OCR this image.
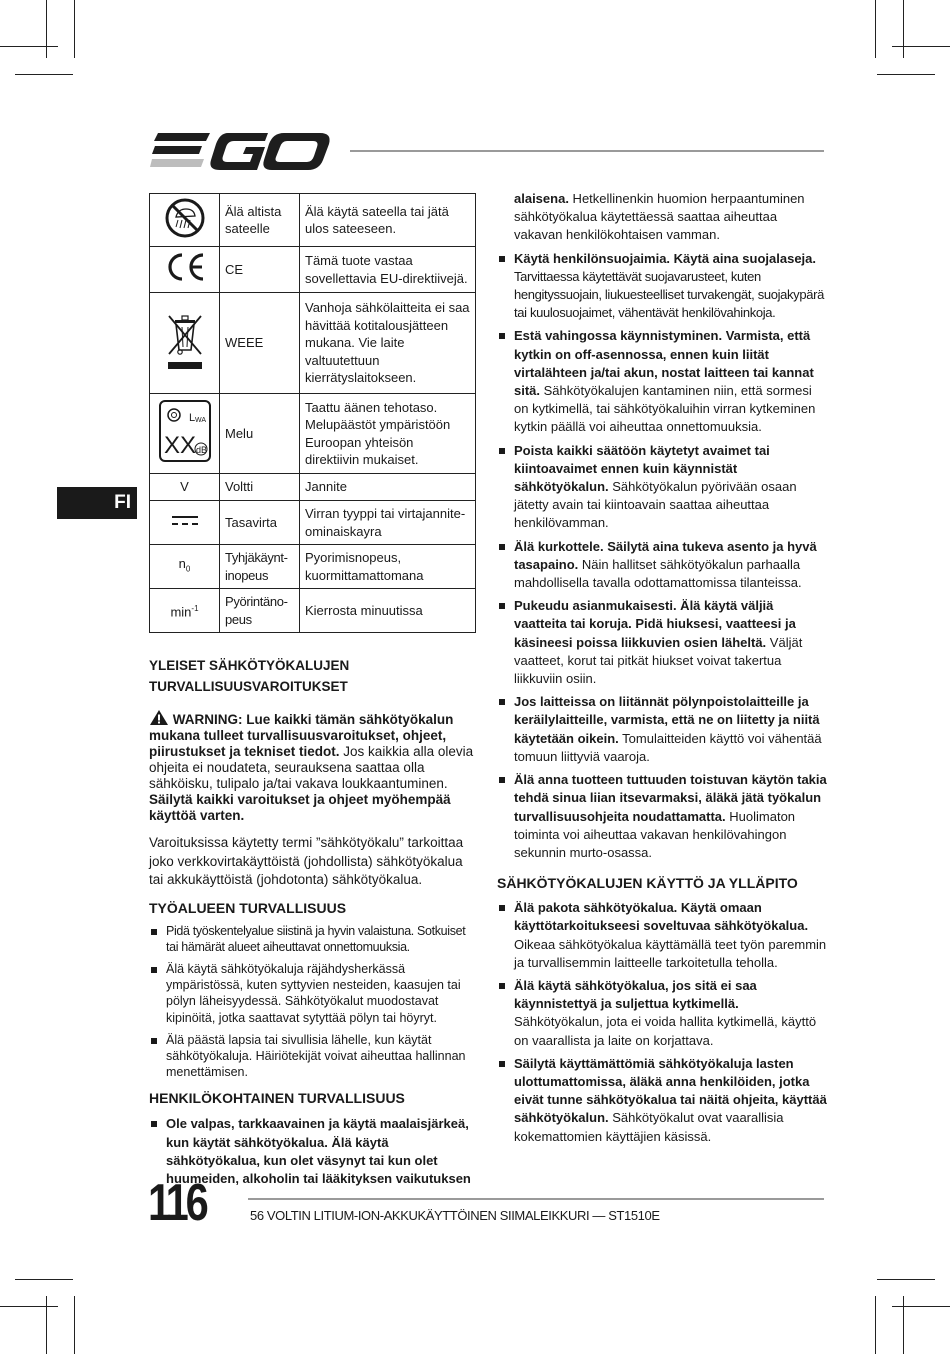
FI
	Älä altista sateelle	Älä käytä sateella tai jätä ulos sateeseen.
	CE	Tämä tuote vastaa sovellettavia EU-direktiivejä.
	WEEE	Vanhoja sähkölaitteita ei saa hävittää kotitalousjätteen mukana. Vie laite valtuutettuun kierrätyslaitokseen.

L WA
XX dB	Melu	Taattu äänen tehotaso. Melupäästöt ympäristöön Euroopan yhteisön direktiivin mukaiset.
V	Voltti	Jannite
	Tasavirta	Virran tyyppi tai virtajannite-ominaiskayra
$n_0$	Tyhjäkäynt-inopeus	Pyorimisnopeus, kuormittamattomana
$\min^{-1}$	Pyörintäno-peus	Kierrosta minuutissa

YLEISET SÄHKÖTYÖKALUJEN TURVALLISUUSVAROITUKSET

WARNING: Lue kaikki tämän sähkötyökalun mukana tulleet turvallisuusvaroitukset, ohjeet, piirustukset ja tekniset tiedot. Jos kaikkia alla olevia ohjeita ei noudateta, seurauksena saattaa olla sähköisku, tulipalo ja/tai vakava loukkaantuminen. Säilytä kaikki varoitukset ja ohjeet myöhempää käyttöä varten.

Varoituksissa käytetty termi ”sähkötyökalu” tarkoittaa joko verkkovirtakäyttöistä (johdollista) sähkötyökalua tai akkukäyttöistä (johdotonta) sähkötyökalua.

TYÖALUEEN TURVALLISUUS

Pidä työskentelyalue siistinä ja hyvin valaistuna. Sotkuiset tai hämärät alueet aiheuttavat onnettomuuksia.
Älä käytä sähkötyökaluja räjähdysherkässä ympäristössä, kuten syttyvien nesteiden, kaasujen tai pölyn läheisyydessä. Sähkötyökalut muodostavat kipinöitä, jotka saattavat sytyttää pölyn tai höyryt.
Älä päästä lapsia tai sivullisia lähelle, kun käytät sähkötyökaluja. Häiriötekijät voivat aiheuttaa hallinnan menettämisen.

HENKILÖKOHTAINEN TURVALLISUUS

Ole valpas, tarkkaavainen ja käytä maalaisjärkeä, kun käytät sähkötyökalua. Älä käytä sähkötyökalua, kun olet väsynyt tai kun olet huumeiden, alkoholin tai lääkityksen vaikutuksen

alaisena. Hetkellinenkin huomion herpaantuminen sähkötyökalua käytettäessä saattaa aiheuttaa vakavan henkilökohtaisen vamman.

Käytä henkilönsuojaimia. Käytä aina suojalaseja. Tarvittaessa käytettävät suojavarusteet, kuten hengityssuojain, liukuesteelliset turvakengät, suojakypärä tai kuulosuojaimet, vähentävät henkilövahinkoja.
Estä vahingossa käynnistyminen. Varmista, että kytkin on off-asennossa, ennen kuin liität virtalähteen ja/tai akun, nostat laitteen tai kannat sitä. Sähkötyökalujen kantaminen niin, että sormesi on kytkimellä, tai sähkötyökaluihin virran kytkeminen kytkin päällä voi aiheuttaa onnettomuuksia.
Poista kaikki säätöön käytetyt avaimet tai kiintoavaimet ennen kuin käynnistät sähkötyökalun. Sähkötyökalun pyörivään osaan jätetty avain tai kiintoavain saattaa aiheuttaa henkilövamman.
Älä kurkottele. Säilytä aina tukeva asento ja hyvä tasapaino. Näin hallitset sähkötyökalun parhaalla mahdollisella tavalla odottamattomissa tilanteissa.
Pukeudu asianmukaisesti. Älä käytä väljiä vaatteita tai koruja. Pidä hiuksesi, vaatteesi ja käsineesi poissa liikkuvien osien läheltä. Väljät vaatteet, korut tai pitkät hiukset voivat takertua liikkuviin osiin.
Jos laitteissa on liitännät pölynpoistolaitteille ja keräilylaitteille, varmista, että ne on liitetty ja niitä käytetään oikein. Tomulaitteiden käyttö voi vähentää tomuun liittyviä vaaroja.
Älä anna tuotteen tuttuuden toistuvan käytön takia tehdä sinua liian itsevarmaksi, äläkä jätä työkalun turvallisuusohjeita noudattamatta. Huolimaton toiminta voi aiheuttaa vakavan henkilövahingon sekunnin murto-osassa.

SÄHKÖTYÖKALUJEN KÄYTTÖ JA YLLÄPITO

Älä pakota sähkötyökalua. Käytä omaan käyttötarkoitukseesi soveltuvaa sähkötyökalua. Oikeaa sähkötyökalua käyttämällä teet työn paremmin ja turvallisemmin laitteelle tarkoitetulla teholla.
Älä käytä sähkötyökalua, jos sitä ei saa käynnistettyä ja suljettua kytkimellä. Sähkötyökalun, jota ei voida hallita kytkimellä, käyttö on vaarallista ja laite on korjattava.
Säilytä käyttämättömiä sähkötyökaluja lasten ulottumattomissa, äläkä anna henkilöiden, jotka eivät tunne sähkötyökalua tai näitä ohjeita, käyttää sähkötyökalun. Sähkötyökalut ovat vaarallisia kokemattomien käyttäjien käsissä.
116	56 VOLTIN LITIUM-ION-AKKUKÄYTTÖINEN SIIMALEIKKURI — ST1510E
